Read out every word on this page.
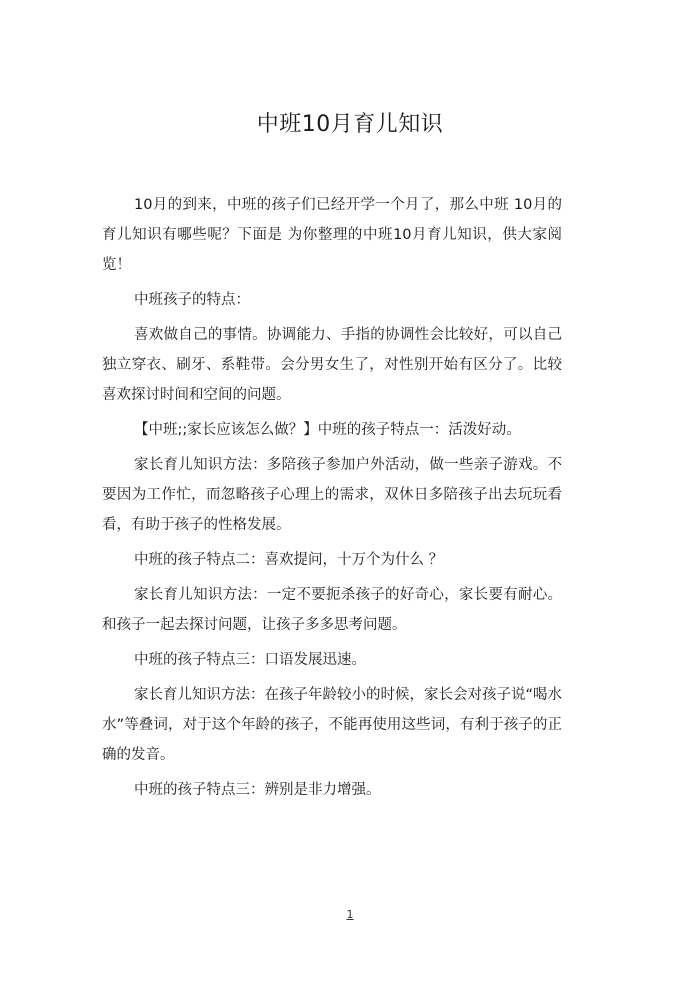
中班10月育儿知识

10月的到来，中班的孩子们已经开学一个月了，那么中班 10月的育儿知识有哪些呢？下面是 为你整理的中班10月育儿知识，供大家阅览！

中班孩子的特点：

喜欢做自己的事情。协调能力、手指的协调性会比较好，可以自己独立穿衣、刷牙、系鞋带。会分男女生了，对性别开始有区分了。比较喜欢探讨时间和空间的问题。

【中班;;家长应该怎么做？】中班的孩子特点一：活泼好动。

家长育儿知识方法：多陪孩子参加户外活动，做一些亲子游戏。不要因为工作忙，而忽略孩子心理上的需求，双休日多陪孩子出去玩玩看看，有助于孩子的性格发展。

中班的孩子特点二：喜欢提问，十万个为什么 ？

家长育儿知识方法：一定不要扼杀孩子的好奇心，家长要有耐心。和孩子一起去探讨问题，让孩子多多思考问题。

中班的孩子特点三：口语发展迅速。

家长育儿知识方法：在孩子年龄较小的时候，家长会对孩子说“喝水水”等叠词，对于这个年龄的孩子，不能再使用这些词，有利于孩子的正确的发音。

中班的孩子特点三：辨别是非力增强。

1
